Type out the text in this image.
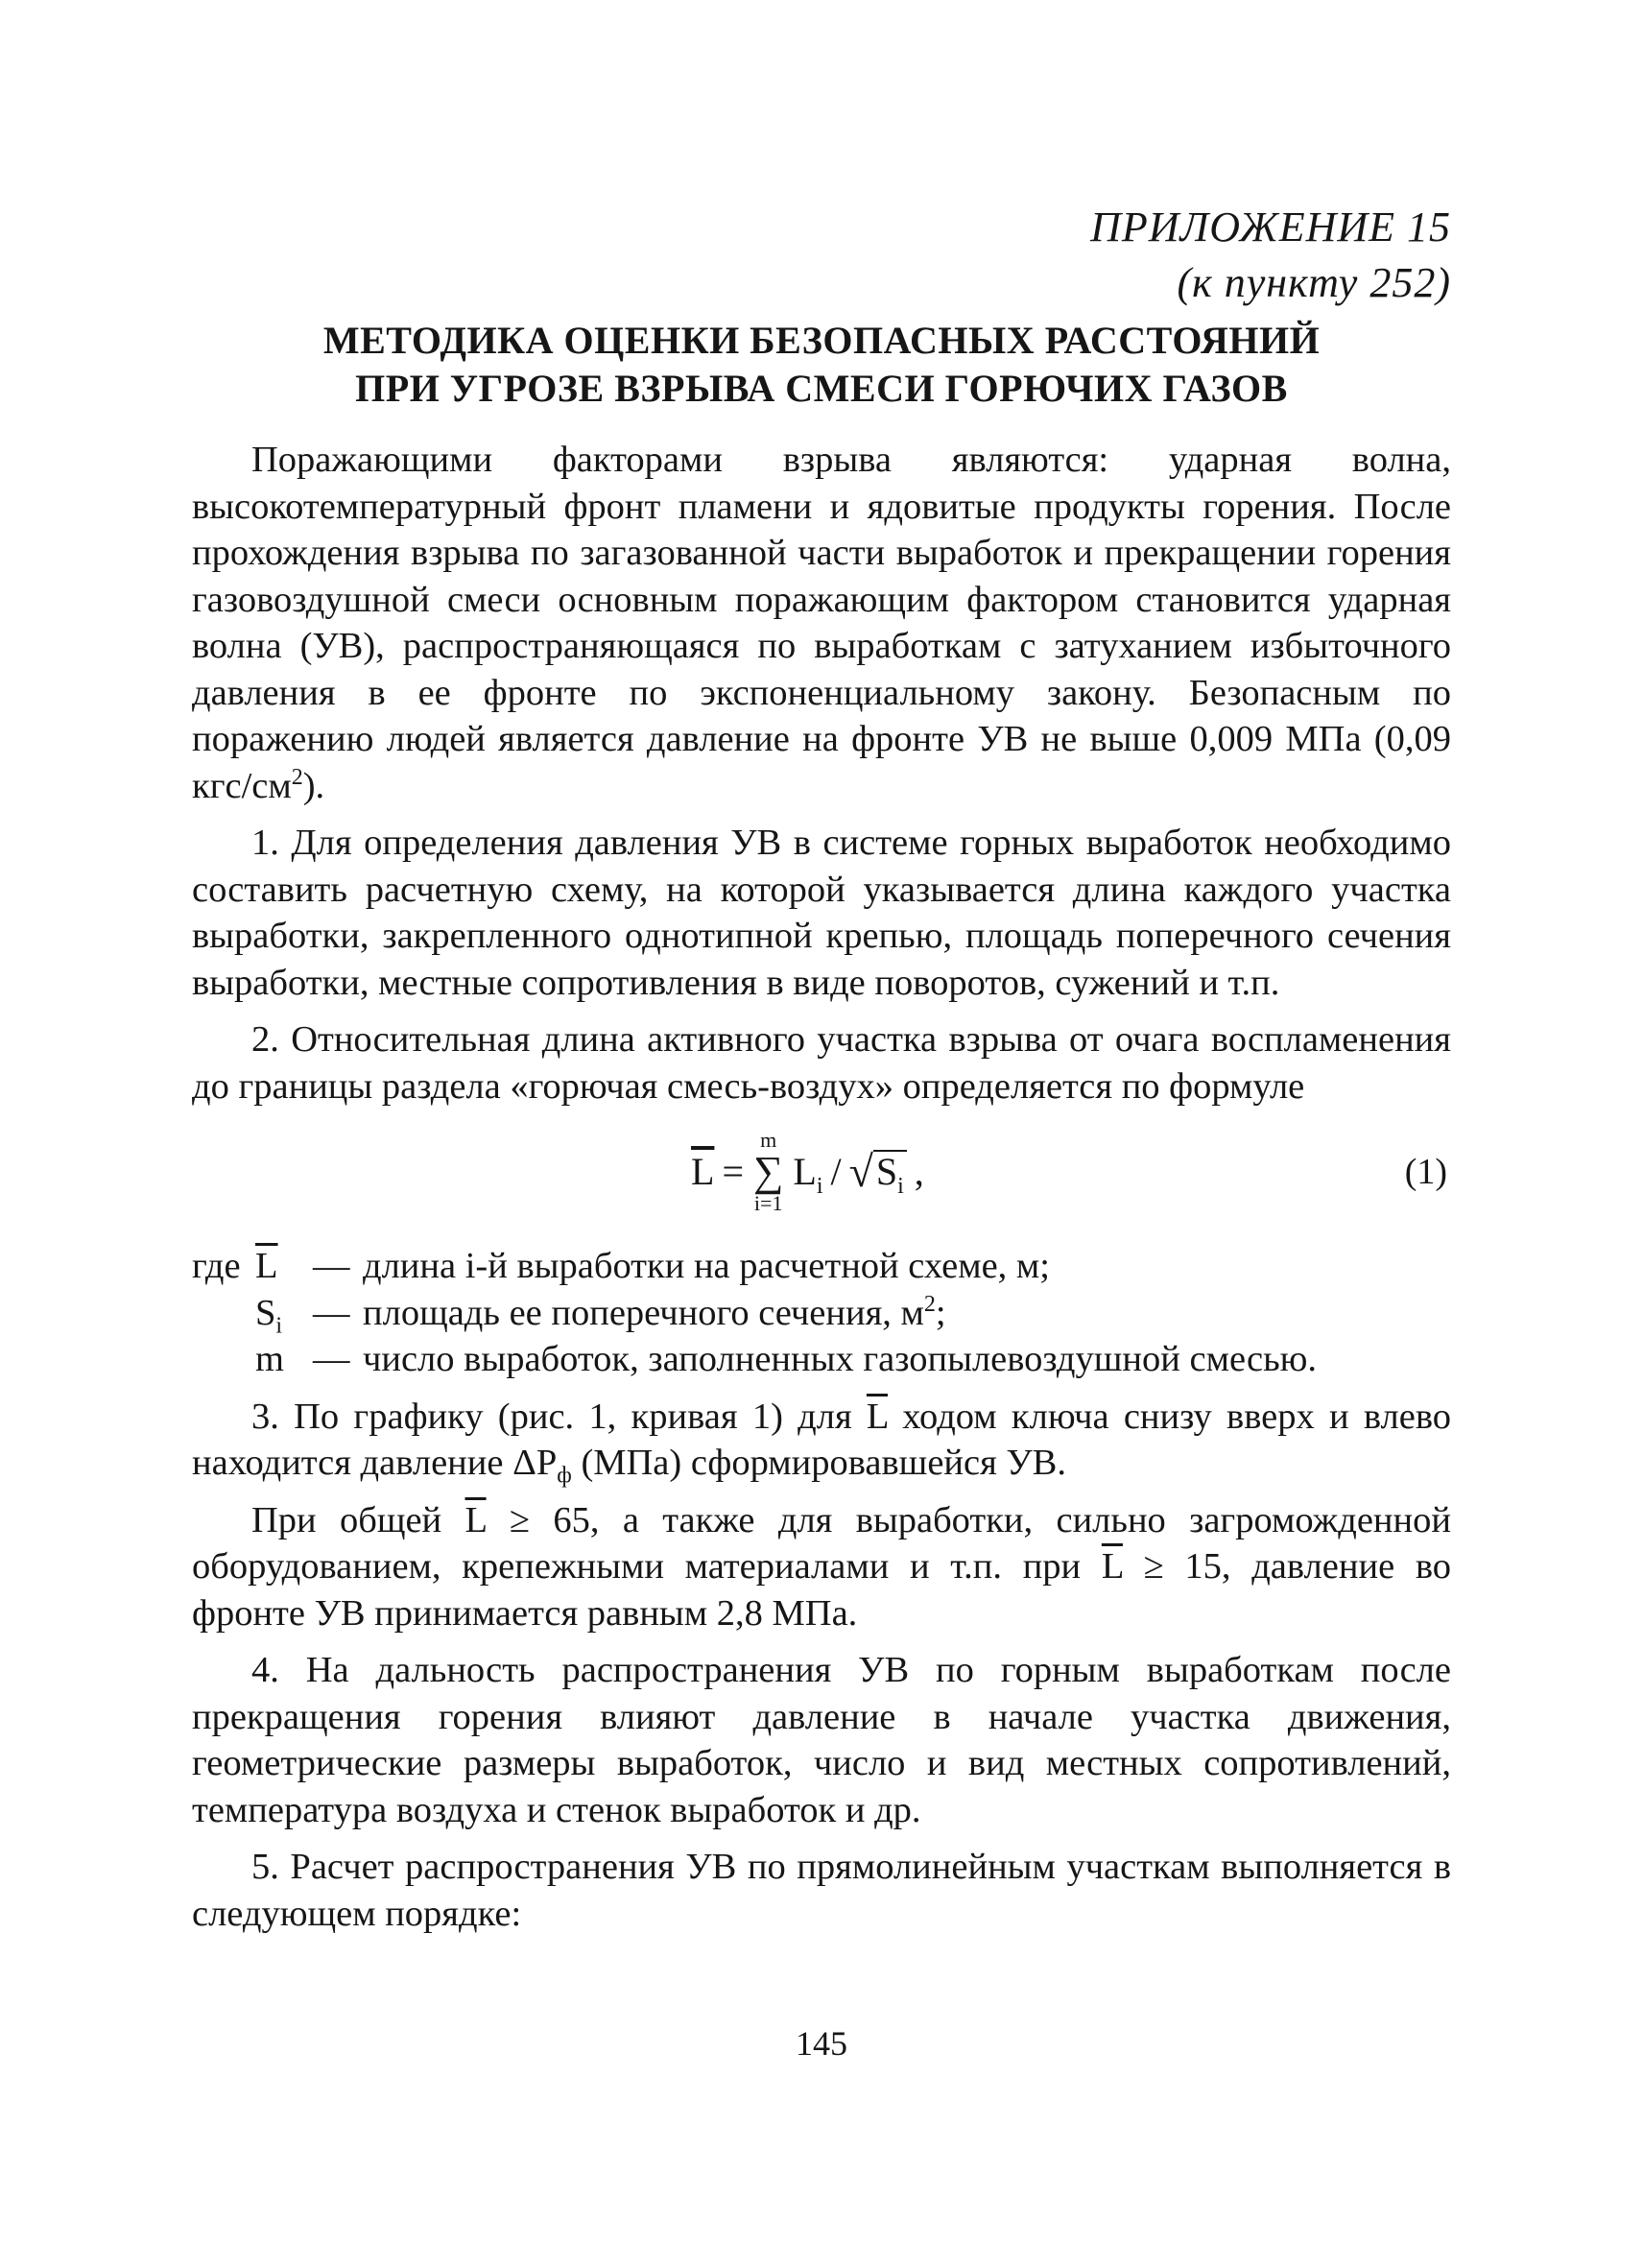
ПРИЛОЖЕНИЕ 15
(к пункту 252)
МЕТОДИКА ОЦЕНКИ БЕЗОПАСНЫХ РАССТОЯНИЙ
ПРИ УГРОЗЕ ВЗРЫВА СМЕСИ ГОРЮЧИХ ГАЗОВ

Поражающими факторами взрыва являются: ударная волна, высокотемпературный фронт пламени и ядовитые продукты горения. После прохождения взрыва по загазованной части выработок и прекращении горения газовоздушной смеси основным поражающим фактором становится ударная волна (УВ), распространяющаяся по выработкам с затуханием избыточного давления в ее фронте по экспоненциальному закону. Безопасным по поражению людей является давление на фронте УВ не выше 0,009 МПа (0,09 кгс/$см^2$).

1. Для определения давления УВ в системе горных выработок необходимо составить расчетную схему, на которой указывается длина каждого участка выработки, закрепленного однотипной крепью, площадь поперечного сечения выработки, местные сопротивления в виде поворотов, сужений и т.п.

2. Относительная длина активного участка взрыва от очага воспламенения до границы раздела «горючая смесь-воздух» определяется по формуле

$\overline{L}$ =
m
∑
i=1
$L_i$ / √ $S_i$ ,	(1)
где $\overline{L}$ — длина i-й выработки на расчетной схеме, м;
$S_i$ — площадь ее поперечного сечения, $м^2$;
m — число выработок, заполненных газопылевоздушной смесью.

3. По графику (рис. 1, кривая 1) для $\overline{L}$ ходом ключа снизу вверх и влево находится давление $\Delta Р_ф$ (МПа) сформировавшейся УВ.

При общей $\overline{L} \ge 65$, а также для выработки, сильно загроможденной оборудованием, крепежными материалами и т.п. при $\overline{L} \ge 15$, давление во фронте УВ принимается равным 2,8 МПа.

4. На дальность распространения УВ по горным выработкам после прекращения горения влияют давление в начале участка движения, геометрические размеры выработок, число и вид местных сопротивлений, температура воздуха и стенок выработок и др.

5. Расчет распространения УВ по прямолинейным участкам выполняется в следующем порядке:

145
